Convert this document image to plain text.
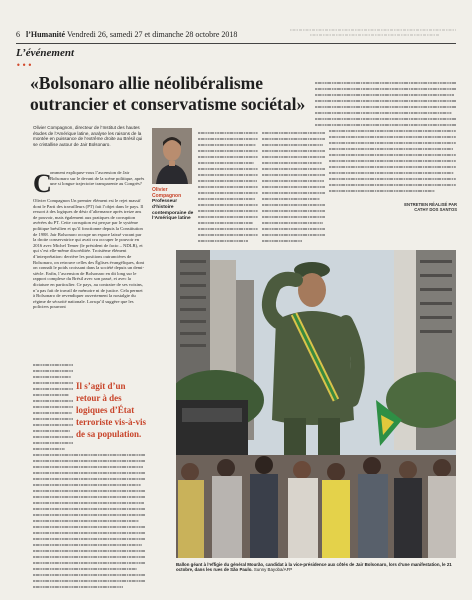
6 l’Humanité Vendredi 26, samedi 27 et dimanche 28 octobre 2018
L’événement
•••
«Bolsonaro allie néolibéralisme outrancier et conservatisme sociétal»
Olivier Compagnon, directeur de l’Institut des hautes études de l’Amérique latine, analyse les raisons de la montée en puissance de l’extrême droite au Brésil qui se cristallise autour de Jair Bolsonaro.
Olivier Compagnon
Professeur d’histoire contemporaine de l’Amérique latine
C
omment expliquez-vous l’ascension de Jair Bolsonaro sur le devant de la scène politique, après une si longue trajectoire transparente au Congrès?
Olivier Compagnon Un premier élément est le rejet massif dont le Parti des travailleurs (PT) fait l’objet dans le pays. Il ressort à des logiques de désir d’alternance après treize ans de pouvoir, mais également aux pratiques de corruption avérées du PT. Cette corruption est perçue par le système politique brésilien et qu’il fonctionne depuis la Constitution de 1988. Jair Bolsonaro occupe un espace laissé vacant par la droite conservatrice qui avait cru occuper le pouvoir en 2016 avec Michel Temer (le président de facto – NDLR), et qui s’est elle-même discréditée. Troisième élément d’interprétation: derrière les positions outrancières de Bolsonaro, on retrouve celles des Églises évangéliques, dont on connaît le poids croissant dans la société depuis un demi-siècle. Enfin, l’ascension de Bolsonaro en dit long sur le rapport complexe du Brésil avec son passé, et avec la dictature en particulier. Ce pays, au contraire de ses voisins, n’a pas fait de travail de mémoire ni de justice. Cela permet à Bolsonaro de revendiquer ouvertement la nostalgie du régime de sécurité nationale. Lorsqu’il suggère que les policiers pourront
Il s’agit d’un retour à des logiques d’État terroriste vis-à-vis de sa population.
ENTRETIEN RÉALISÉ PAR CATHY DOS SANTOS
Ballon géant à l’effigie du général Mourão, candidat à la vice-présidence aux côtés de Jair Bolsonaro, lors d’une manifestation, le 21 octobre, dans les rues de São Paulo. Sunny Bayoba/AFP
